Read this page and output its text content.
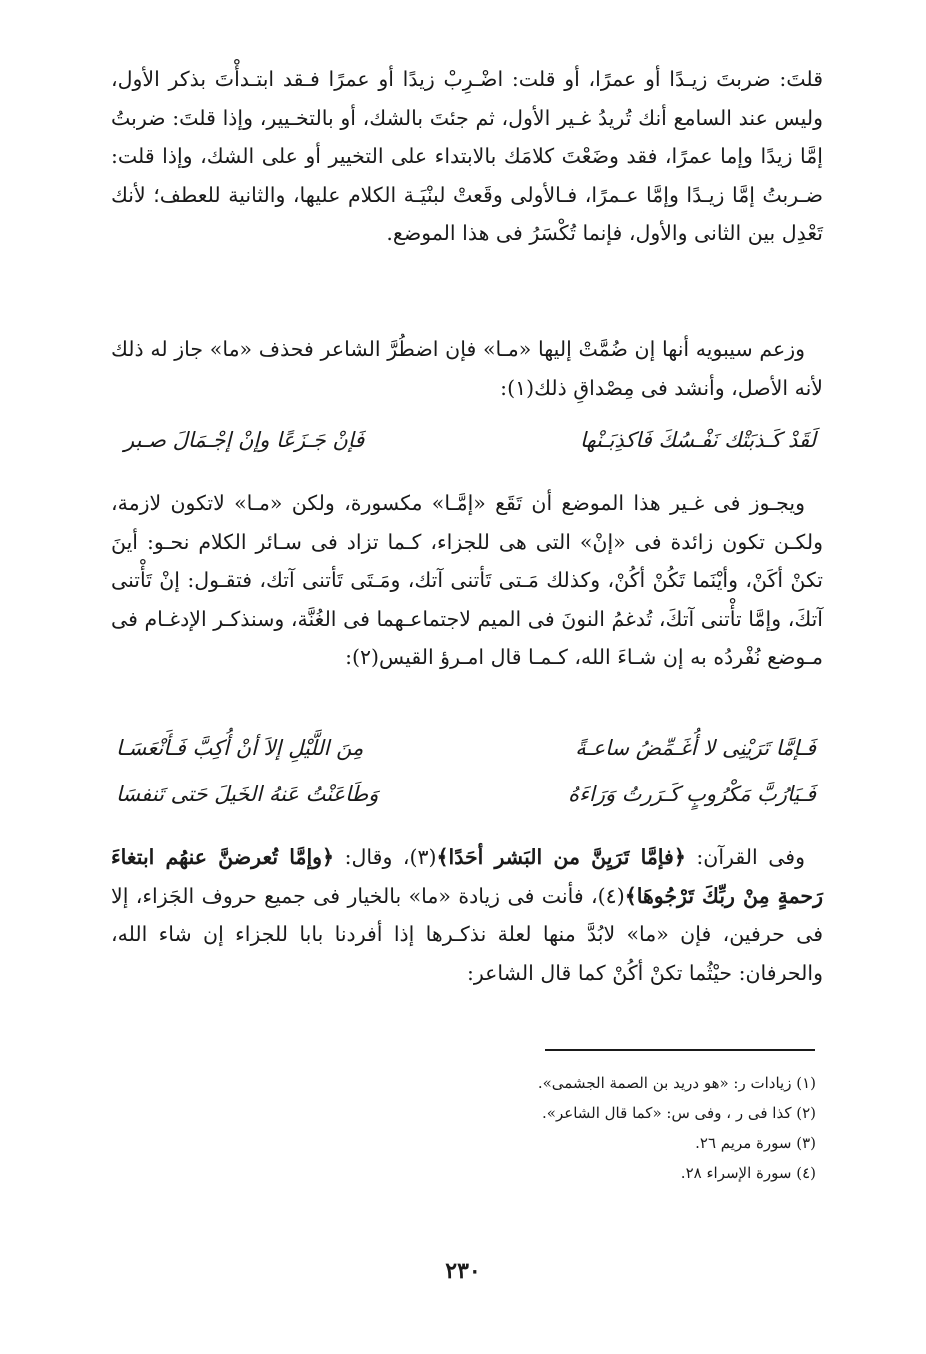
قلتَ: ضربتَ زيـدًا أو عمرًا، أو قلت: اضْـرِبْ زيدًا أو عمرًا فـقد ابتـدأْتَ بذكر الأول، وليس عند السامع أنك تُريدُ غـير الأول، ثم جئتَ بالشك، أو بالتخـيير، وإذا قلتَ: ضربتُ إمَّا زيدًا وإما عمرًا، فقد وضَعْتَ كلامَك بالابتداء على التخيير أو على الشك، وإذا قلت: ضـربتُ إمَّا زيـدًا وإمَّا عـمرًا، فـالأولى وقَعتْ لبنْيَـة الكلام عليها، والثانية للعطف؛ لأنك تَعْدِل بين الثانى والأول، فإنما تُكْسَرُ فى هذا الموضع.

وزعم سيبويه أنها إن ضُمَّتْ إليها «مـا» فإن اضطُرَّ الشاعر فحذف «ما» جاز له ذلك لأنه الأصل، وأنشد فى مِصْداقِ ذلك(١):

لَقَدْ كَـذبَتْك نَفْـسُكَ فَاكذِبَـنْها
فَإنْ جَـزَعًا وإنْ إجْـمَالَ صـبر

ويجـوز فى غـير هذا الموضع أن تَقَع «إمَّـا» مكسورة، ولكن «مـا» لاتكون لازمة، ولكـن تكون زائدة فى «إنْ» التى هى للجزاء، كـما تزاد فى سـائر الكلام نحـو: أينَ تكنْ أكَنْ، وأيْنَما تَكُنْ أكُنْ، وكذلك مَـتى تَأتنى آتك، ومَـتَى تَأتنى آتك، فتقـول: إنْ تَأْتنى آتكَ، وإمَّا تأْتنى آتكَ، تُدغمُ النونَ فى الميم لاجتماعـهما فى الغُنَّة، وسنذكـر الإدغـام فى مـوضع نُفْردُه به إن شـاءَ الله، كـمـا قال امـرؤ القيس(٢):

فَـإمَّا تَرَيْنِى لا أُغَـمِّضُ ساعـةً
مِنَ اللَّيْلِ إلاَ أنْ أُكِبَّ فَـأَنْعَسَـا
فَـيَارُبَّ مَكْرُوبٍ كَـرَرتُ وَرَاءَهُ
وَطَاعَنْتُ عَنهُ الخَيلَ حَتى تَنفسَا

وفى القرآن: ﴿فإمَّا تَرَيِنَّ من البَشر أحَدًا﴾(٣)، وقال: ﴿وإمَّا تُعرضنَّ عنهُم ابتغاءَ رَحمةٍ مِنْ ربِّكَ تَرْجُوهَا﴾(٤)، فأنت فى زيادة «ما» بالخيار فى جميع حروف الجَزاء، إلا فى حرفين، فإن «ما» لابُدَّ منها لعلة نذكـرها إذا أفردنا بابا للجزاء إن شاء الله، والحرفان: حيْثُما تكنْ أكُنْ كما قال الشاعر:

(١) زيادات ر: «هو دريد بن الصمة الجشمى».
(٢) كذا فى ر ، وفى س: «كما قال الشاعر».
(٣) سورة مريم ٢٦.
(٤) سورة الإسراء ٢٨.
٢٣٠
